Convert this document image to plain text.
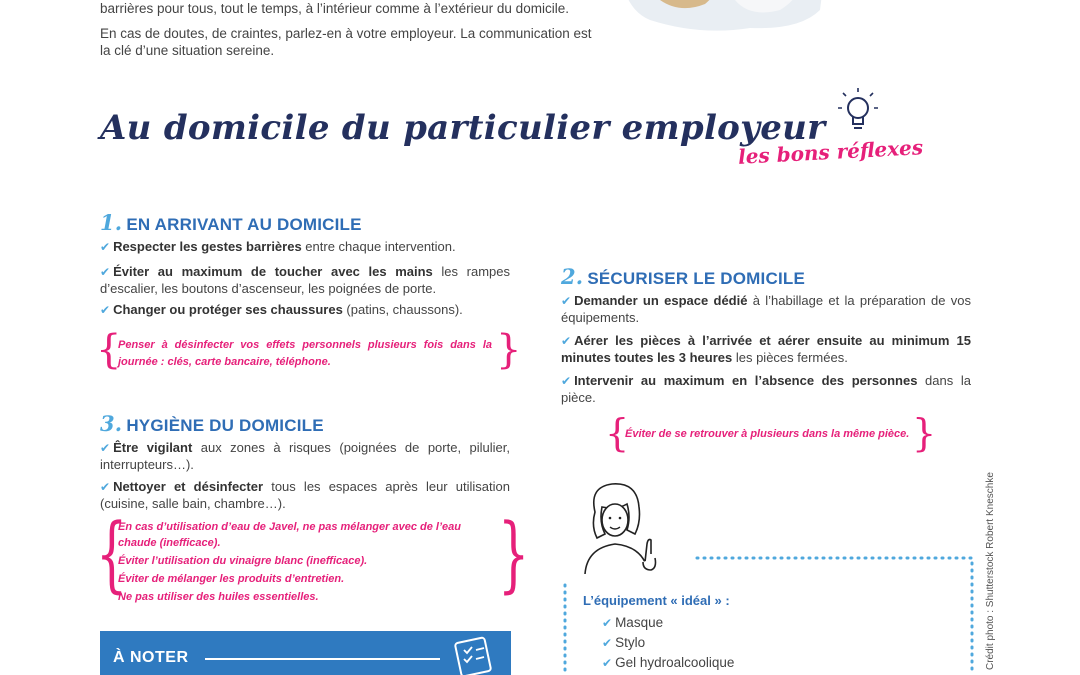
barrières pour tous, tout le temps, à l’intérieur comme à l’extérieur du domicile.

En cas de doutes, de craintes, parlez-en à votre employeur. La communication est la clé d’une situation sereine.

Au domicile du particulier employeur
les bons réflexes
1. EN ARRIVANT AU DOMICILE
✔ Respecter les gestes barrières entre chaque intervention.
✔ Éviter au maximum de toucher avec les mains les rampes d’escalier, les boutons d’ascenseur, les poignées de porte.
✔ Changer ou protéger ses chaussures (patins, chaussons).
{
Penser à désinfecter vos effets personnels plusieurs fois dans la journée : clés, carte bancaire, téléphone.	}
3. HYGIÈNE DU DOMICILE
✔ Être vigilant aux zones à risques (poignées de porte, pilulier, interrupteurs…).
✔ Nettoyer et désinfecter tous les espaces après leur utilisation (cuisine, salle bain, chambre…).
{
En cas d’utilisation d’eau de Javel, ne pas mélanger avec de l’eau chaude (inefficace).
Éviter l’utilisation du vinaigre blanc (inefficace).
Éviter de mélanger les produits d’entretien.
Ne pas utiliser des huiles essentielles.	}
À NOTER
2. SÉCURISER LE DOMICILE
✔ Demander un espace dédié à l’habillage et la préparation de vos équipements.
✔ Aérer les pièces à l’arrivée et aérer ensuite au minimum 15 minutes toutes les 3 heures les pièces fermées.
✔ Intervenir au maximum en l’absence des personnes dans la pièce.
{
Éviter de se retrouver à plusieurs dans la même pièce. }
L’équipement « idéal » :
✔ Masque
✔ Stylo
✔ Gel hydroalcoolique	Crédit photo : Shutterstock Robert Kneschke
